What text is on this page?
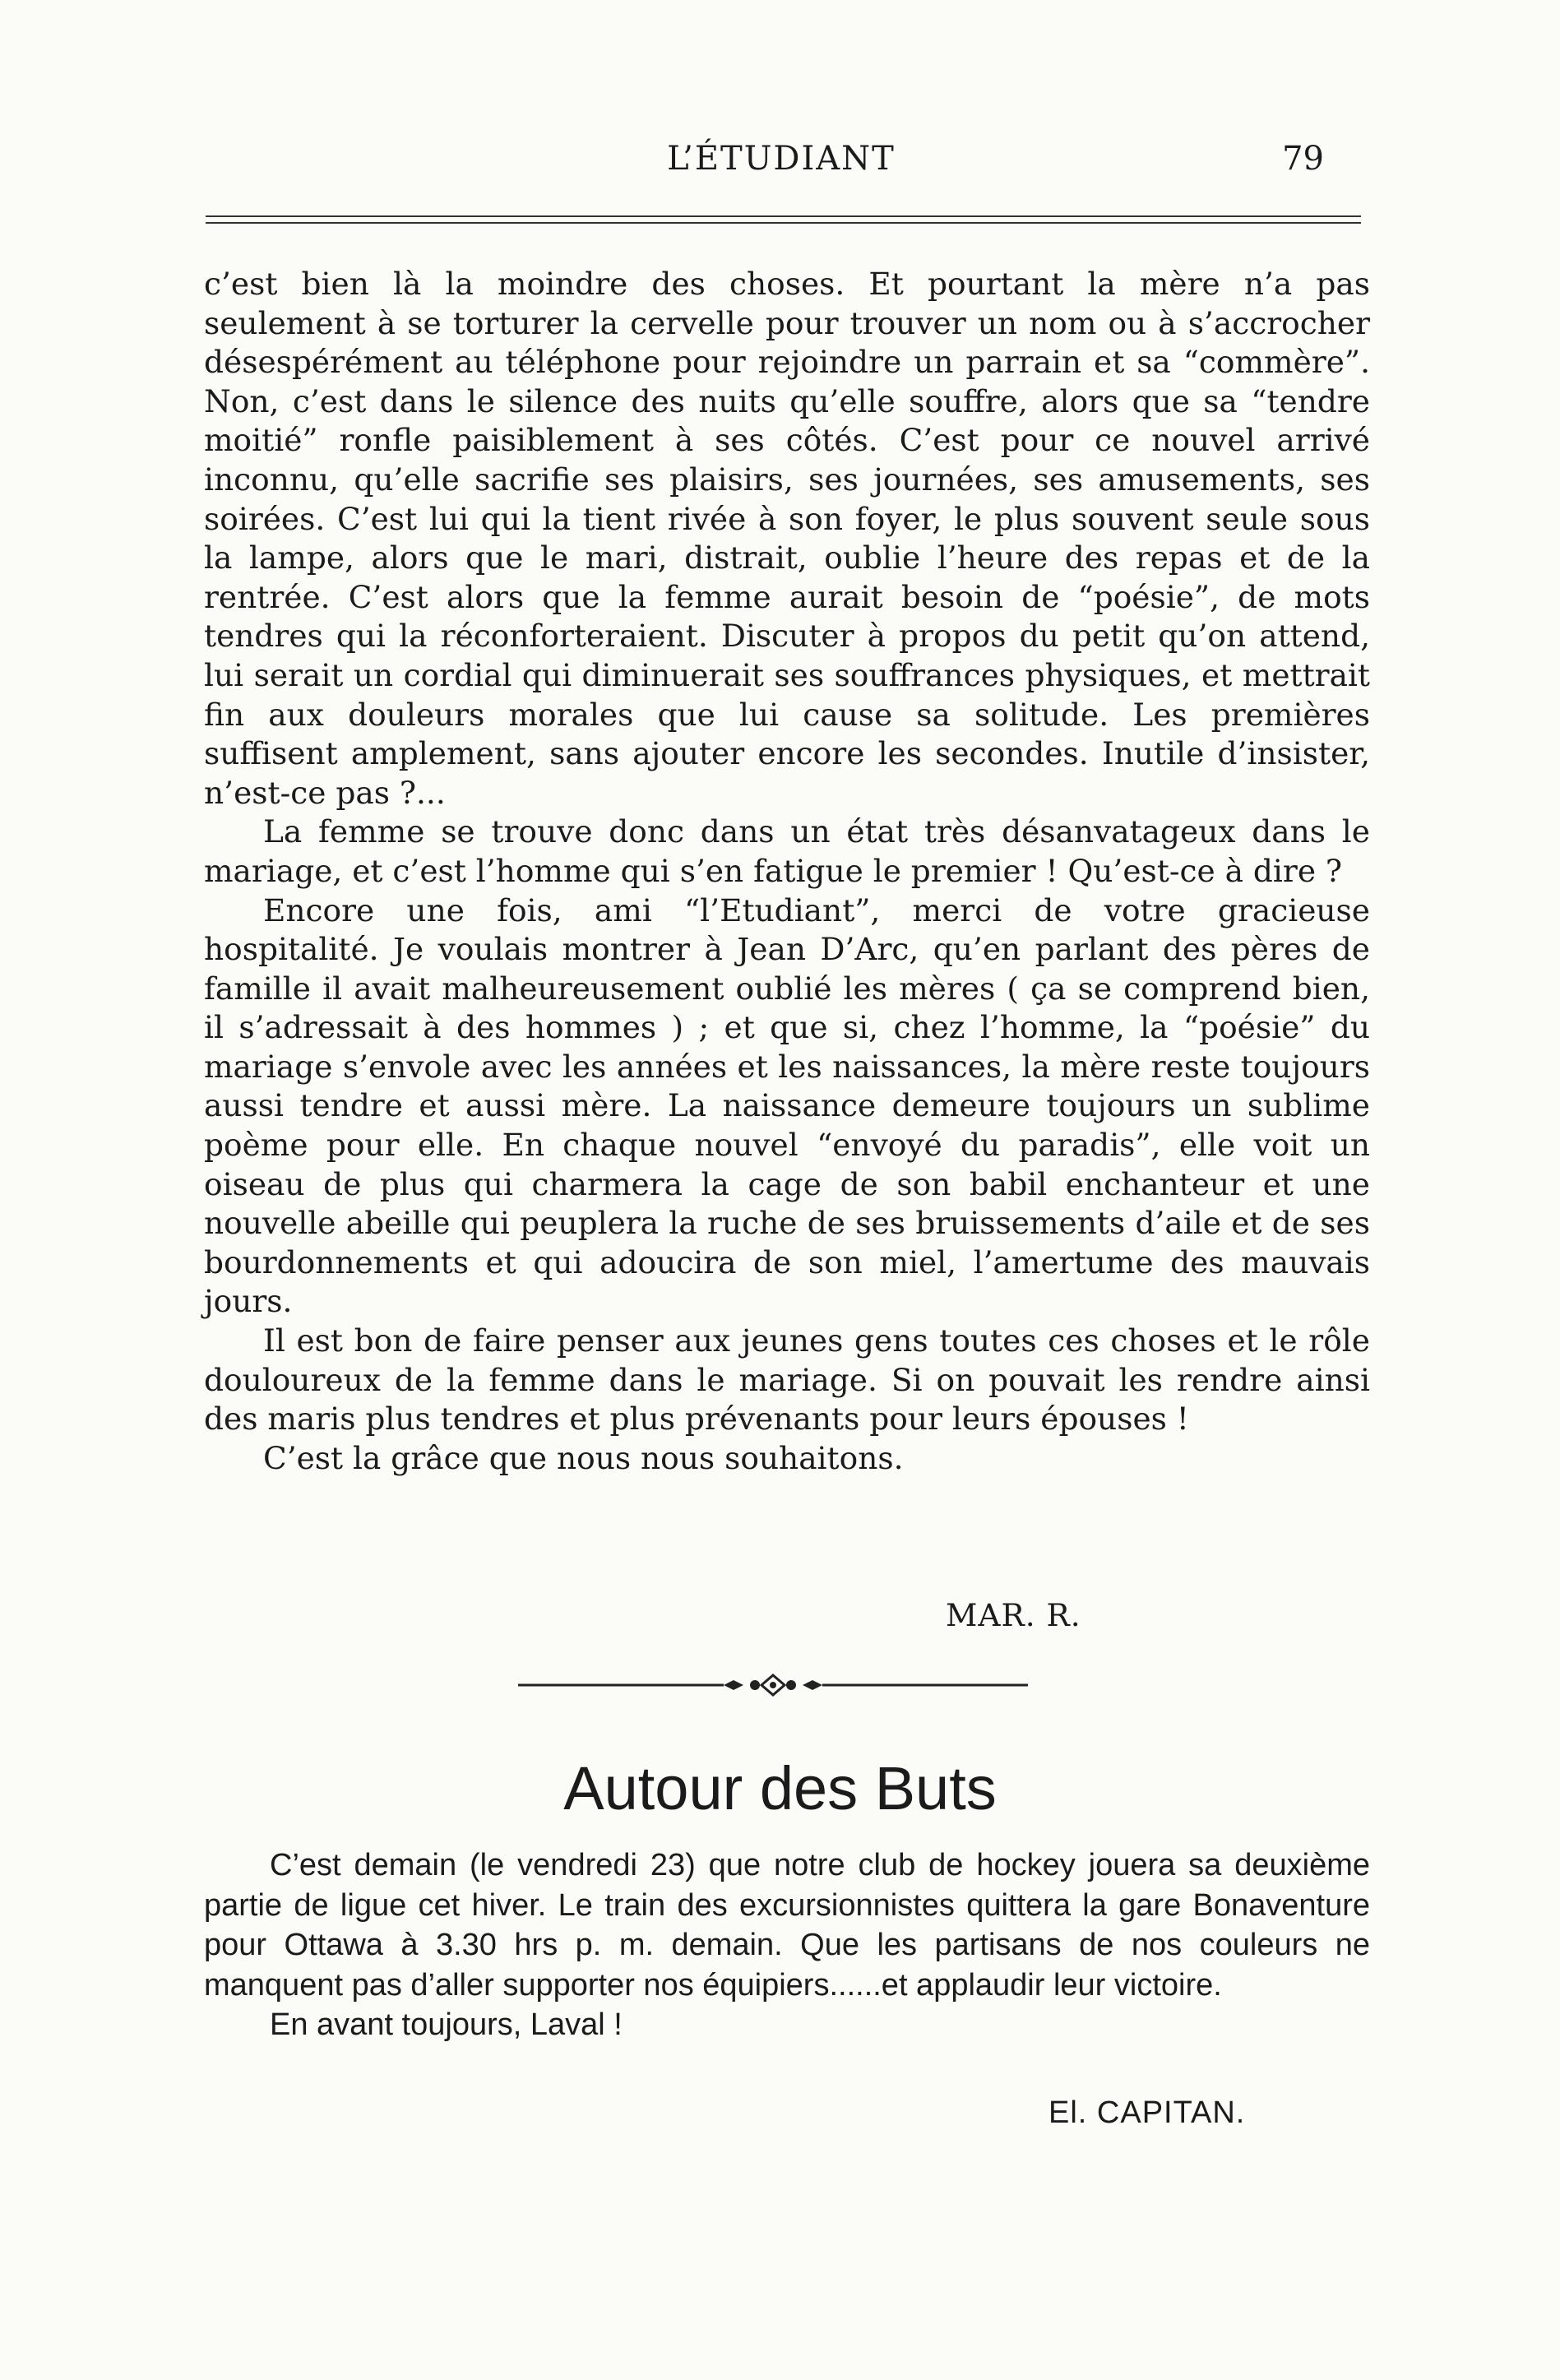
L’ÉTUDIANT	79

c’est bien là la moindre des choses. Et pourtant la mère n’a pas seulement à se torturer la cervelle pour trouver un nom ou à s’accrocher désespérément au téléphone pour rejoindre un parrain et sa “commère”. Non, c’est dans le silence des nuits qu’elle souffre, alors que sa “tendre moitié” ronfle paisiblement à ses côtés. C’est pour ce nouvel arrivé inconnu, qu’elle sacrifie ses plaisirs, ses journées, ses amusements, ses soirées. C’est lui qui la tient rivée à son foyer, le plus souvent seule sous la lampe, alors que le mari, distrait, oublie l’heure des repas et de la rentrée. C’est alors que la femme aurait besoin de “poésie”, de mots tendres qui la réconforteraient. Discuter à propos du petit qu’on attend, lui serait un cordial qui diminuerait ses souffrances physiques, et mettrait fin aux douleurs morales que lui cause sa solitude. Les premières suffisent amplement, sans ajouter encore les secondes. Inutile d’insister, n’est-ce pas ?...

La femme se trouve donc dans un état très désanvatageux dans le mariage, et c’est l’homme qui s’en fatigue le premier ! Qu’est-ce à dire ?

Encore une fois, ami “l’Etudiant”, merci de votre gracieuse hospitalité. Je voulais montrer à Jean D’Arc, qu’en parlant des pères de famille il avait malheureusement oublié les mères ( ça se comprend bien, il s’adressait à des hommes ) ; et que si, chez l’homme, la “poésie” du mariage s’envole avec les années et les naissances, la mère reste toujours aussi tendre et aussi mère. La naissance demeure toujours un sublime poème pour elle. En chaque nouvel “envoyé du paradis”, elle voit un oiseau de plus qui charmera la cage de son babil enchanteur et une nouvelle abeille qui peuplera la ruche de ses bruissements d’aile et de ses bourdonnements et qui adoucira de son miel, l’amertume des mauvais jours.

Il est bon de faire penser aux jeunes gens toutes ces choses et le rôle douloureux de la femme dans le mariage. Si on pouvait les rendre ainsi des maris plus tendres et plus prévenants pour leurs épouses !

C’est la grâce que nous nous souhaitons.

MAR. R.
Autour des Buts

C’est demain (le vendredi 23) que notre club de hockey jouera sa deuxième partie de ligue cet hiver. Le train des excursionnistes quittera la gare Bonaventure pour Ottawa à 3.30 hrs p. m. demain. Que les partisans de nos couleurs ne manquent pas d’aller supporter nos équipiers......et applaudir leur victoire.

En avant toujours, Laval !

El. CAPITAN.
